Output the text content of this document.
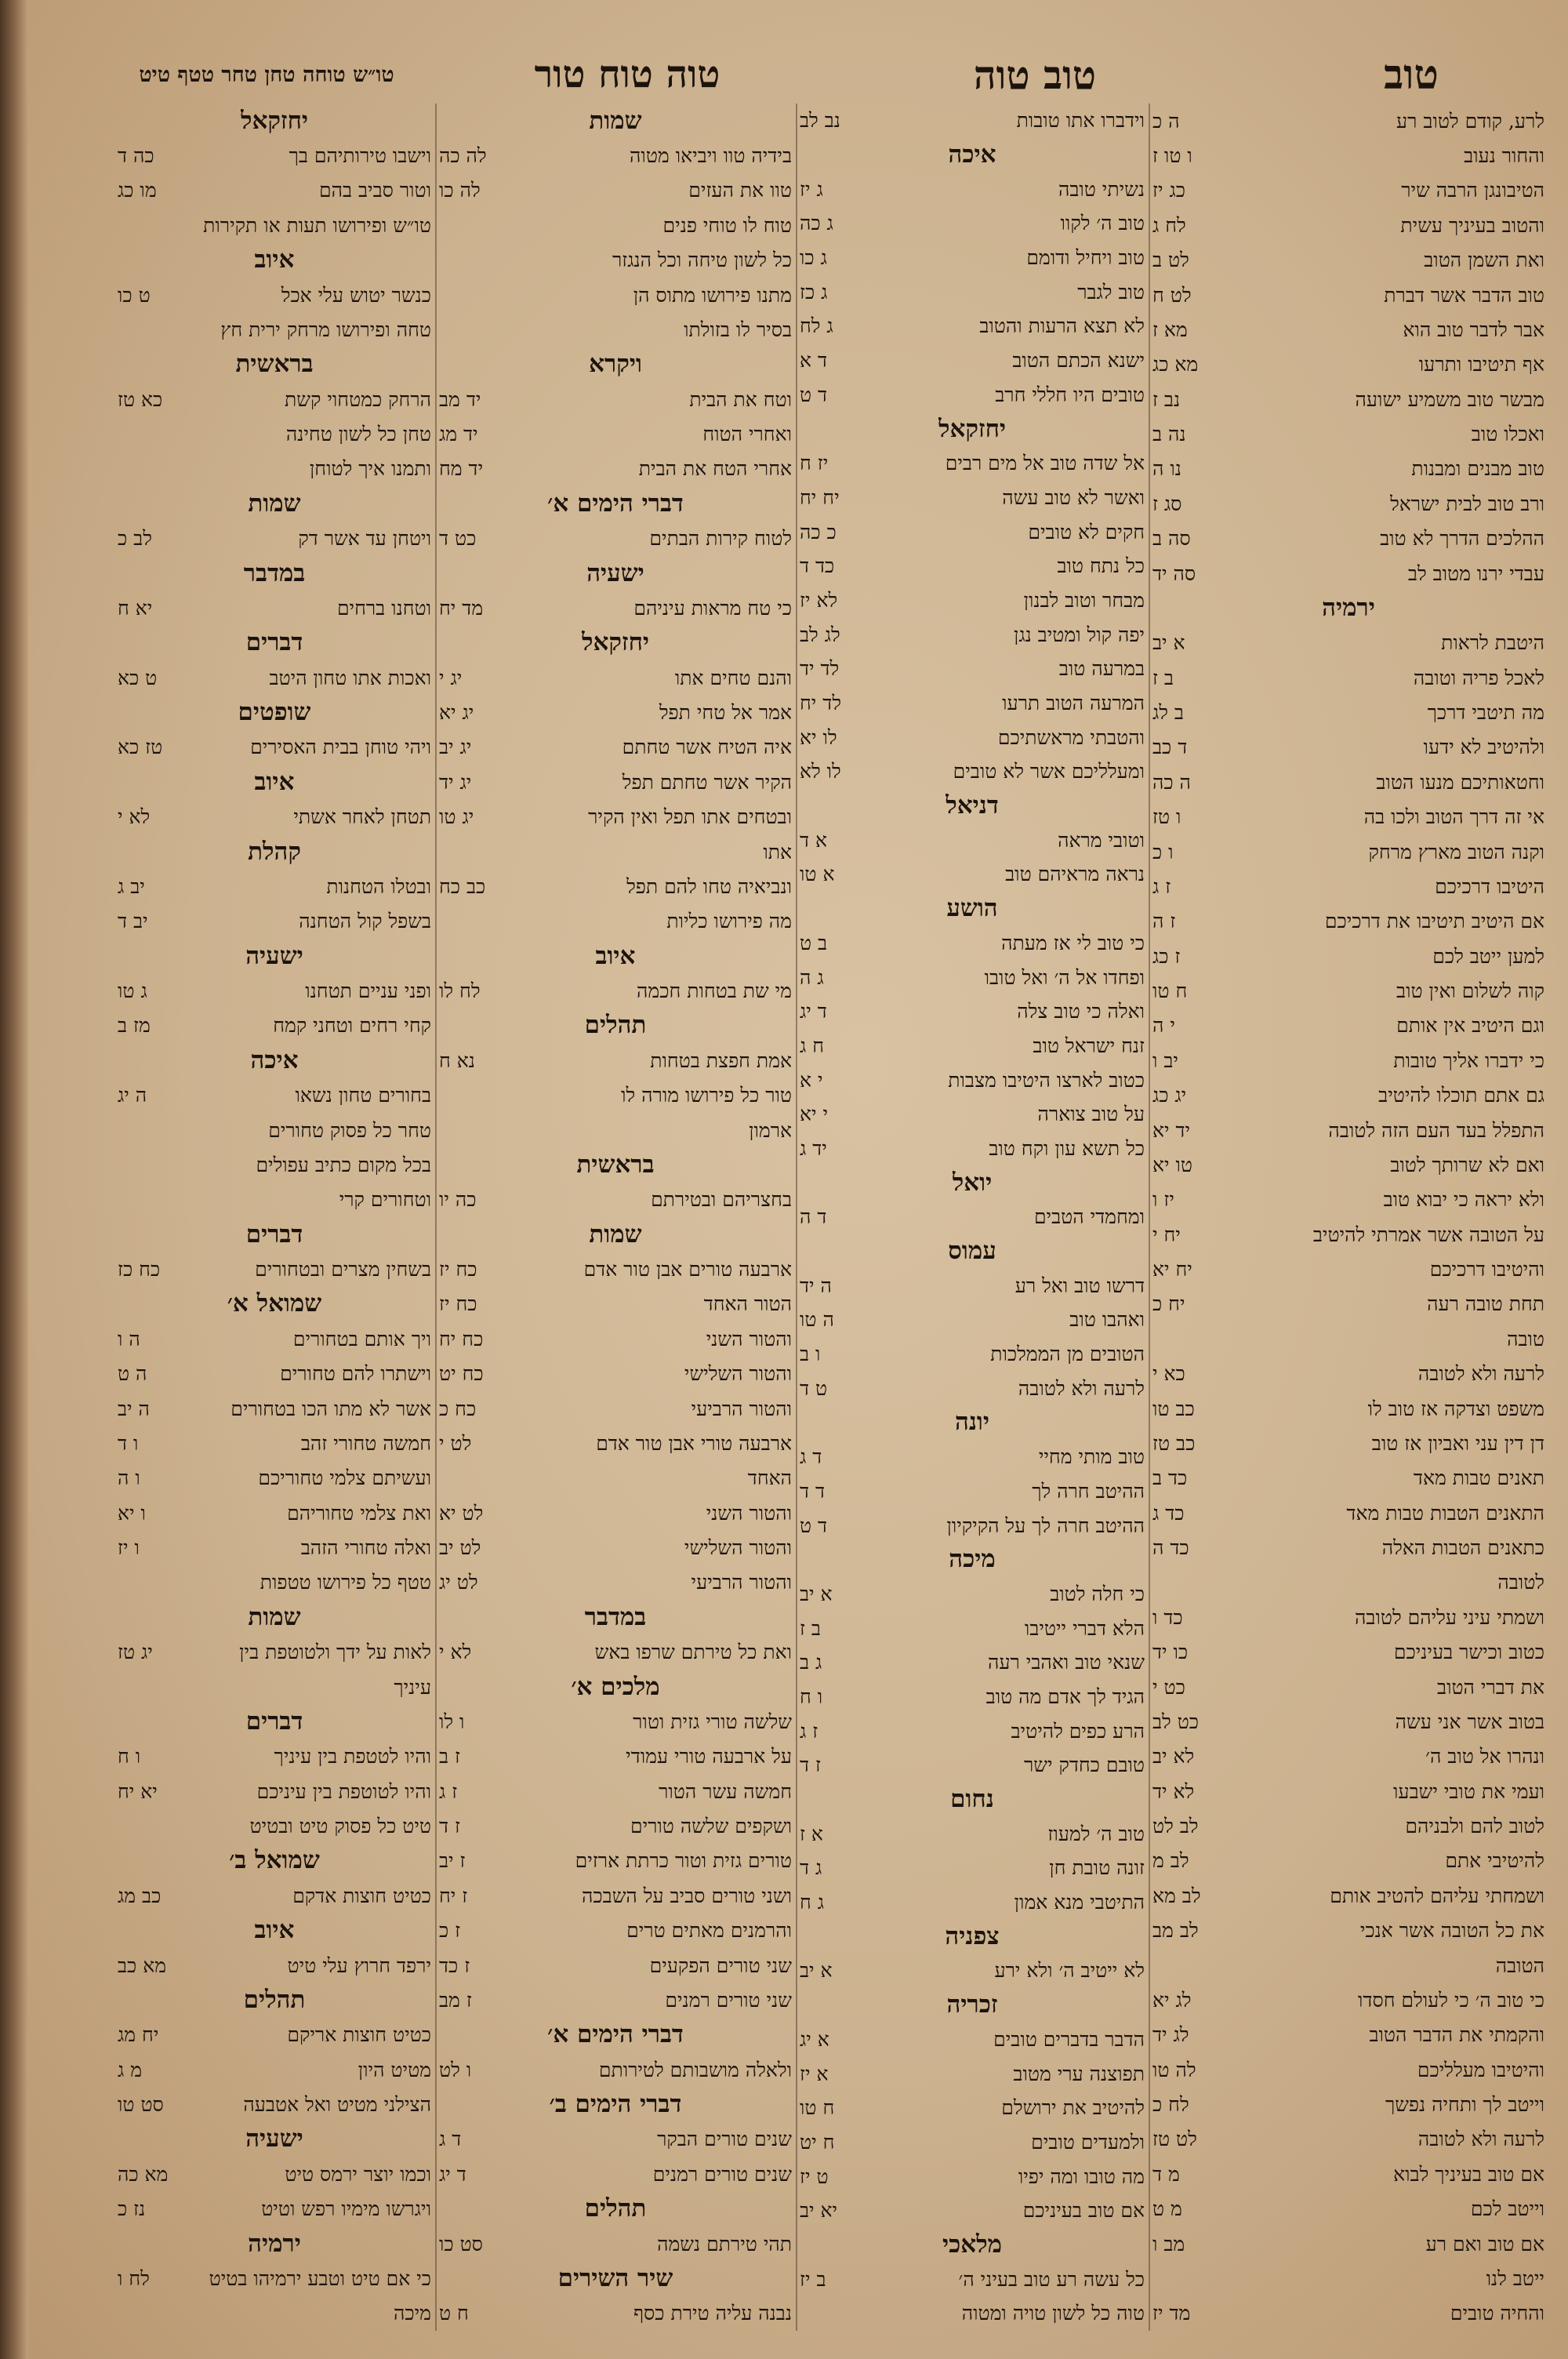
טוב
טוב טוה
טוה טוח טור
טו״ש טוחה טחן טחר טטף טיט
לרע, קודם לטוב רע
ה כ
והחור נעוב
ו טו ז
הטיבונגן הרבה שיר
כג יז
והטוב בעיניך עשית
לח ג
ואת השמן הטוב
לט ב
טוב הדבר אשר דברת
לט ח
אבר לדבר טוב הוא
מא ז
אף תיטיבו ותרעו
מא כג
מבשר טוב משמיע ישועה
נב ז
ואכלו טוב
נה ב
טוב מבנים ומבנות
נו ה
ורב טוב לבית ישראל
סג ז
ההלכים הדרך לא טוב
סה ב
עבדי ירנו מטוב לב
סה יד
ירמיה
היטבת לראות
א יב
לאכל פריה וטובה
ב ז
מה תיטבי דרכך
ב לג
ולהיטיב לא ידעו
ד כב
וחטאותיכם מנעו הטוב
ה כה
אי זה דרך הטוב ולכו בה
ו טז
וקנה הטוב מארץ מרחק
ו כ
היטיבו דרכיכם
ז ג
אם היטיב תיטיבו את דרכיכם
ז ה
למען ייטב לכם
ז כג
קוה לשלום ואין טוב
ח טו
וגם היטיב אין אותם
י ה
כי ידברו אליך טובות
יב ו
גם אתם תוכלו להיטיב
יג כג
התפלל בעד העם הזה לטובה
יד יא
ואם לא שרותך לטוב
טו יא
ולא יראה כי יבוא טוב
יז ו
על הטובה אשר אמרתי להיטיב
יח י
והיטיבו דרכיכם
יח יא
תחת טובה רעה
יח כ
טובה
לרעה ולא לטובה
כא י
משפט וצדקה אז טוב לו
כב טו
דן דין עני ואביון אז טוב
כב טז
תאנים טבות מאד
כד ב
התאנים הטבות טבות מאד
כד ג
כתאנים הטבות האלה
כד ה
לטובה
ושמתי עיני עליהם לטובה
כד ו
כטוב וכישר בעיניכם
כו יד
את דברי הטוב
כט י
בטוב אשר אני עשה
כט לב
ונהרו אל טוב ה׳
לא יב
ועמי את טובי ישבעו
לא יד
לטוב להם ולבניהם
לב לט
להיטיבי אתם
לב מ
ושמחתי עליהם להטיב אותם
לב מא
את כל הטובה אשר אנכי
לב מב
הטובה
כי טוב ה׳ כי לעולם חסדו
לג יא
והקמתי את הדבר הטוב
לג יד
והיטיבו מעלליכם
לה טו
וייטב לך ותחיה נפשך
לח כ
לרעה ולא לטובה
לט טז
אם טוב בעיניך לבוא
מ ד
וייטב לכם
מ ט
אם טוב ואם רע
מב ו
ייטב לנו
והחיה טובים
מד יז
וידברו אתו טובות
נב לב
איכה
נשיתי טובה
ג יז
טוב ה׳ לקוו
ג כה
טוב ויחיל ודומם
ג כו
טוב לגבר
ג כז
לא תצא הרעות והטוב
ג לח
ישנא הכתם הטוב
ד א
טובים היו חללי חרב
ד ט
יחזקאל
אל שדה טוב אל מים רבים
יז ח
ואשר לא טוב עשה
יח יח
חקים לא טובים
כ כה
כל נתח טוב
כד ד
מבחר וטוב לבנון
לא יז
יפה קול ומטיב נגן
לג לב
במרעה טוב
לד יד
המרעה הטוב תרעו
לד יח
והטבתי מראשתיכם
לו יא
ומעלליכם אשר לא טובים
לו לא
דניאל
וטובי מראה
א ד
נראה מראיהם טוב
א טו
הושע
כי טוב לי אז מעתה
ב ט
ופחדו אל ה׳ ואל טובו
ג ה
ואלה כי טוב צלה
ד יג
זנח ישראל טוב
ח ג
כטוב לארצו היטיבו מצבות
י א
על טוב צוארה
י יא
כל תשא עון וקח טוב
יד ג
יואל
ומחמדי הטבים
ד ה
עמוס
דרשו טוב ואל רע
ה יד
ואהבו טוב
ה טו
הטובים מן הממלכות
ו ב
לרעה ולא לטובה
ט ד
יונה
טוב מותי מחיי
ד ג
ההיטב חרה לך
ד ד
ההיטב חרה לך על הקיקיון
ד ט
מיכה
כי חלה לטוב
א יב
הלא דברי ייטיבו
ב ז
שנאי טוב ואהבי רעה
ג ב
הגיד לך אדם מה טוב
ו ח
הרע כפים להיטיב
ז ג
טובם כחדק ישר
ז ד
נחום
טוב ה׳ למעוז
א ז
זונה טובת חן
ג ד
התיטבי מנא אמון
ג ח
צפניה
לא ייטיב ה׳ ולא ירע
א יב
זכריה
הדבר בדברים טובים
א יג
תפוצנה ערי מטוב
א יז
להיטיב את ירושלם
ח טו
ולמעדים טובים
ח יט
מה טובו ומה יפיו
ט יז
אם טוב בעיניכם
יא יב
מלאכי
כל עשה רע טוב בעיני ה׳
ב יז
טוה כל לשון טויה ומטוה
שמות
בידיה טוו ויביאו מטוה
לה כה
טוו את העזים
לה כו
טוח לו טוחי פנים
כל לשון טיחה וכל הנגזר
מתנו פירושו מתוס הן
בסיר לו בזולתו
ויקרא
וטח את הבית
יד מב
ואחרי הטוח
יד מג
אחרי הטח את הבית
יד מח
דברי הימים א׳
לטוח קירות הבתים
כט ד
ישעיה
כי טח מראות עיניהם
מד יח
יחזקאל
והנם טחים אתו
יג י
אמר אל טחי תפל
יג יא
איה הטיח אשר טחתם
יג יב
הקיר אשר טחתם תפל
יג יד
ובטחים אתו תפל ואין הקיר
יג טו
אתו
ונביאיה טחו להם תפל
כב כח
מה פירושו כליות
איוב
מי שת בטחות חכמה
לח לו
תהלים
אמת חפצת בטחות
נא ח
טור כל פירושו מורה לו
ארמון
בראשית
בחצריהם ובטירתם
כה יו
שמות
ארבעה טורים אבן טור אדם
כח יז
הטור האחד
כח יז
והטור השני
כח יח
והטור השלישי
כח יט
והטור הרביעי
כח כ
ארבעה טורי אבן טור אדם
לט י
האחד
והטור השני
לט יא
והטור השלישי
לט יב
והטור הרביעי
לט יג
במדבר
ואת כל טירתם שרפו באש
לא י
מלכים א׳
שלשה טורי גזית וטור
ו לו
על ארבעה טורי עמודי
ז ב
חמשה עשר הטור
ז ג
ושקפים שלשה טורים
ז ד
טורים גזית וטור כרתת ארזים
ז יב
ושני טורים סביב על השבכה
ז יח
והרמנים מאתים טרים
ז כ
שני טורים הפקעים
ז כד
שני טורים רמנים
ז מב
דברי הימים א׳
ולאלה מושבותם לטירותם
ו לט
דברי הימים ב׳
שנים טורים הבקר
ד ג
שנים טורים רמנים
ד יג
תהלים
תהי טירתם נשמה
סט כו
שיר השירים
נבנה עליה טירת כסף
ח ט
יחזקאל
וישבו טירותיהם בך
כה ד
וטור סביב בהם
מו כג
טו״ש ופירושו תעות או תקירות
איוב
כנשר יטוש עלי אכל
ט כו
טחה ופירושו מרחק ירית חץ
בראשית
הרחק כמטחוי קשת
כא טז
טחן כל לשון טחינה
ותמנו איך לטוחן
שמות
ויטחן עד אשר דק
לב כ
במדבר
וטחנו ברחים
יא ח
דברים
ואכות אתו טחון היטב
ט כא
שופטים
ויהי טוחן בבית האסירים
טז כא
איוב
תטחן לאחר אשתי
לא י
קהלת
ובטלו הטחנות
יב ג
בשפל קול הטחנה
יב ד
ישעיה
ופני עניים תטחנו
ג טו
קחי רחים וטחני קמח
מז ב
איכה
בחורים טחון נשאו
ה יג
טחר כל פסוק טחורים
בכל מקום כתיב עפולים
וטחורים קרי
דברים
בשחין מצרים ובטחורים
כח כז
שמואל א׳
ויך אותם בטחורים
ה ו
וישתרו להם טחורים
ה ט
אשר לא מתו הכו בטחורים
ה יב
חמשה טחורי זהב
ו ד
ועשיתם צלמי טחוריכם
ו ה
ואת צלמי טחוריהם
ו יא
ואלה טחורי הזהב
ו יז
טטף כל פירושו טטפות
שמות
לאות על ידך ולטוטפת בין
יג טז
עיניך
דברים
והיו לטטפת בין עיניך
ו ח
והיו לטוטפת בין עיניכם
יא יח
טיט כל פסוק טיט ובטיט
שמואל ב׳
כטיט חוצות אדקם
כב מג
איוב
ירפד חרוץ עלי טיט
מא כב
תהלים
כטיט חוצות אריקם
יח מג
מטיט היון
מ ג
הצילני מטיט ואל אטבעה
סט טו
ישעיה
וכמו יוצר ירמס טיט
מא כה
ויגרשו מימיו רפש וטיט
נז כ
ירמיה
כי אם טיט וטבע ירמיהו בטיט
לח ו
מיכה
